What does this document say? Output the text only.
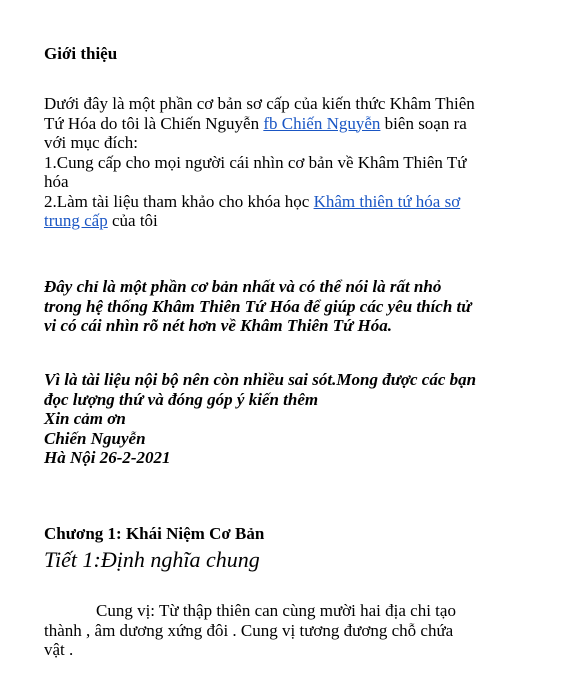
Giới thiệu
Dưới đây là một phần cơ bản sơ cấp của kiến thức Khâm Thiên
Tứ Hóa do tôi là Chiến Nguyễn fb Chiến Nguyễn biên soạn ra
với mục đích:
1.Cung cấp cho mọi người cái nhìn cơ bản về Khâm Thiên Tứ
hóa
2.Làm tài liệu tham khảo cho khóa học Khâm thiên tứ hóa sơ
trung cấp của tôi
Đây chỉ là một phần cơ bản nhất và có thể nói là rất nhỏ
trong hệ thống Khâm Thiên Tứ Hóa để giúp các yêu thích tử
vi có cái nhìn rõ nét hơn về Khâm Thiên Tứ Hóa.
Vì là tài liệu nội bộ nên còn nhiều sai sót.Mong được các bạn
đọc lượng thứ và đóng góp ý kiến thêm
Xin cảm ơn
Chiến Nguyễn
Hà Nội 26-2-2021
Chương 1: Khái Niệm Cơ Bản
Tiết 1:Định nghĩa chung
Cung vị: Từ thập thiên can cùng mười hai địa chi tạo
thành , âm dương xứng đôi . Cung vị tương đương chỗ chứa
vật .
